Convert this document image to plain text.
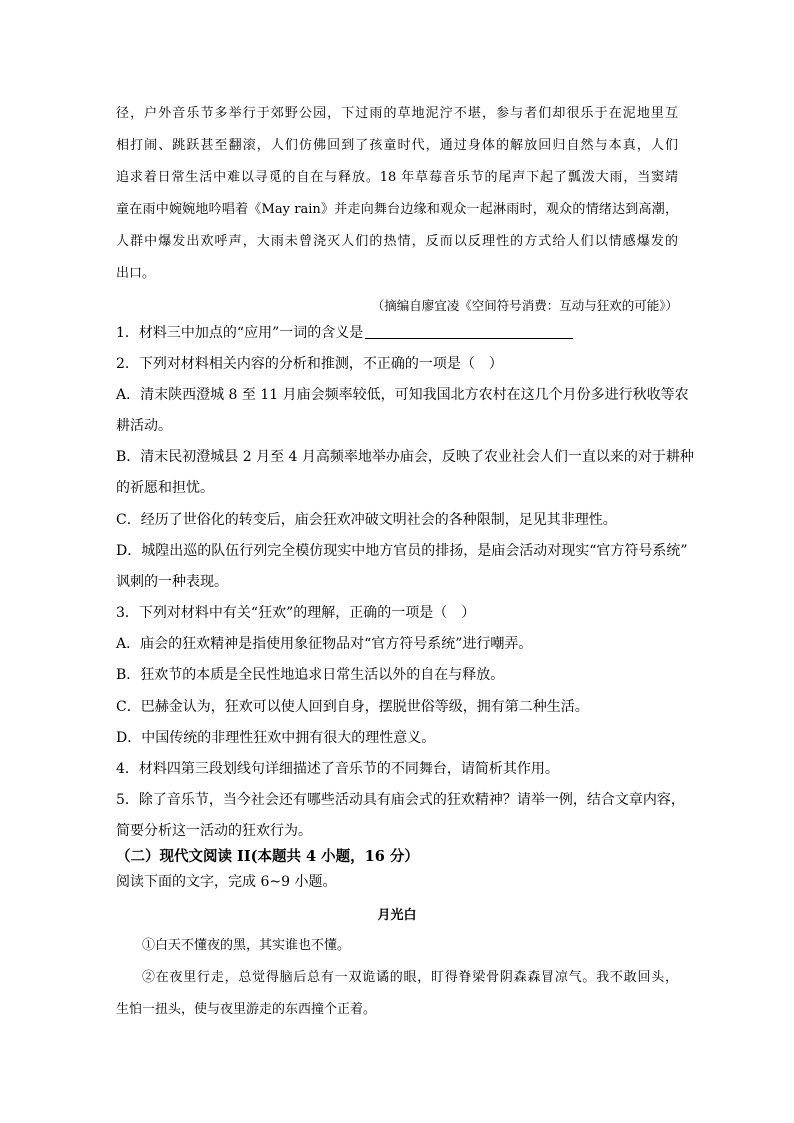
径，户外音乐节多举行于郊野公园，下过雨的草地泥泞不堪，参与者们却很乐于在泥地里互

相打闹、跳跃甚至翻滚，人们仿佛回到了孩童时代，通过身体的解放回归自然与本真，人们

追求着日常生活中难以寻觅的自在与释放。18 年草莓音乐节的尾声下起了瓢泼大雨，当窦靖

童在雨中婉婉地吟唱着《May rain》并走向舞台边缘和观众一起淋雨时，观众的情绪达到高潮，

人群中爆发出欢呼声，大雨未曾浇灭人们的热情，反而以反理性的方式给人们以情感爆发的

出口。

（摘编自廖宜凌《空间符号消费：互动与狂欢的可能》）

1．材料三中加点的“应用”一词的含义是

2．下列对材料相关内容的分析和推测，不正确的一项是（　）

A．清末陕西澄城 8 至 11 月庙会频率较低，可知我国北方农村在这几个月份多进行秋收等农

耕活动。

B．清末民初澄城县 2 月至 4 月高频率地举办庙会，反映了农业社会人们一直以来的对于耕种

的祈愿和担忧。

C．经历了世俗化的转变后，庙会狂欢冲破文明社会的各种限制，足见其非理性。

D．城隍出巡的队伍行列完全模仿现实中地方官员的排扬，是庙会活动对现实“官方符号系统”

讽刺的一种表现。

3．下列对材料中有关“狂欢”的理解，正确的一项是（　）

A．庙会的狂欢精神是指使用象征物品对“官方符号系统”进行嘲弄。

B．狂欢节的本质是全民性地追求日常生活以外的自在与释放。

C．巴赫金认为，狂欢可以使人回到自身，摆脱世俗等级，拥有第二种生活。

D．中国传统的非理性狂欢中拥有很大的理性意义。

4．材料四第三段划线句详细描述了音乐节的不同舞台，请简析其作用。

5．除了音乐节，当今社会还有哪些活动具有庙会式的狂欢精神？请举一例，结合文章内容，

简要分析这一活动的狂欢行为。

（二）现代文阅读 II(本题共 4 小题，16 分）

阅读下面的文字，完成 6~9 小题。

月光白

①白天不懂夜的黑，其实谁也不懂。

②在夜里行走，总觉得脑后总有一双诡谲的眼，盯得脊梁骨阴森森冒凉气。我不敢回头，

生怕一扭头，使与夜里游走的东西撞个正着。
